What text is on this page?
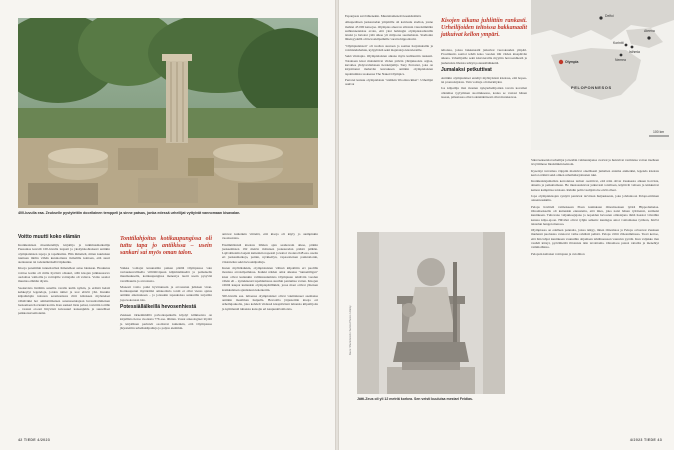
400-luvulla eaa. Zeukselle pystytettiin doorilainen temppeli ja sinne patsas, jonka edessä urheilijat vyttyivät vannomaan kisavalan.
Voitto muutti koko elämän

Kreikkalaisen maantieteilijä, kirjailija ja tutkimusmatkailija Pausanias kuvaili 100-luvulla laajasti ja yksityiskohtaisesti antiikin olympialaisten tapoja ja tapahtumia. Hän ihmetteli, miten kuuluisan tuuttuen mitlin vähän kunnioitusta Jumalille kohtaan, että suuri ateniaanan tai todennäköisellä läpikulku.

Kisoja paremmin tunnettaviksi ihmetelleet asiaa lainkaan. Houkutus voittaa kotiin oli mille hyvästä olisuuri, sillä kisojen julkisuusarvo oudoittaa valtioille ja voittajille voittajalle oli valtava. Voitto saattoi muuttaa elämän täysin.

Saokuvista lisältäin sanallta varalla kulm nytkin, ja eräistä heistä kehkeytyi legendoja, joiden nimet ja teot elävät yhä. Kunkin kilpailulajin tulosten seremoniasta riitti kiitoksen myönteiset vähtävikki hot ammattimaisen sanansaatutajaan luvaudrommeisen luokomaan ilovienkä koriin. Kun sankari lisäa palasi, tavuttiin toriille – vaatasi otooni liityvästi kuvasuuri kansanjuhla ja suurellisei paikkonsavemonniat.

Tonttilahjoitus kotikaupungissa oli tuttu tapa jo antiikissa – usein sankari sai myös oman talon.

Vaikka voittajat kruunattiin paikan päällä Olympiassa vain vertauskuvallisella villiöliivipuun kilpimielikseltä ja pamaleella muumauksella, kotikaupungissa menestys tuotti usein pysyvää varallisuutta ja arvostusta.

Monesti voitto poiki hyvärunsain ja arvostetun julkisen viran. Kotikaupunki myöntämä omakotitalo tontti ei ollut vieras ajatus antiikin aikoinakaan – ja joissakin tapauksissa sankarille tarjottiin jopa kokonaan talo.

Potessiällälkeillä hevosenhiestä

Zeuksen tärkeimmällä palvontapaikalla käydyt kilikisoista on kirjallista tietoa vuodesta 776 eaa. lähtien. Uusat arkeologiset löydöt ja kirjallinen perinnöt osoittavat kuitenkin, että Olympiassa järjestettiin urheilukilpailuja jo paljon aiemmin.

antavat kuitenkin viitteitä, että kisoja oli käyty jo aiempinkin vuosisatoina.

Ensimmäisistä kisoista lähtien ajan saatkavain aikaa, pitkiin juoksemisten 192 metrin mittaisen juoksuradan päästä päähän. Lajivalikoima laajeni kuitenkin nopeasti ja kattoi vuonna 648 eaa. useita eri juoksumatkoja, painin, nyrkkeilyn, vapaaotteisen pankrationin, viisiottelun sekä hevoskilpailuja.

Kuten myöhäisikkin, olympialaisten välissä kilpailtiin eri puolilla monissa arvokilpailuissa. Kaikki näiden omat aikansa "tunnettiligan" kisat olivat kuitenkin valmistautumista Olympiaan tehtäviin vuoden välein eli – nyttekisessä tapahtumassa suurhin pentumaa varten. Kisojen välillä kaupat kuitenkin olympiapäällikköt, jossa maat ottivat yhteisen kreikkalaisen ajanlaskun kalenteriin.

500-luvulle eaa. tultaessa olympialaiset olivat vakiintuneet asemansa antiikin maailman huipulla. Hevosilla järjestettiin kisoja eri urheilujoukolta, joka kohdeli viidessä kisapäivässä tuhansia kilpailijoita ja kymmeniä tuhansia katsojia eri kaupunkivaltioista.

42 TIEDE 4/2023

Espanjasta asti lähtenekin. Muutaitamenetti kaaskäsiäistä.

Alkuperäisen juoksuradan ympärille oli kaivuutu stadion, jonne mahtui 45 000 katsojaa. Olympias aluevon siltoisin viereisimmäin suihtunneteisisu avoin, että yksi helsingin olympiastadionilla istuisi ja huvaisi ytää alkaa yli miljoona suomalaista. Stadionin läheisyydellä oli hevoskilpailuille varattu hippodromi.

"Olympialaisten" oli tuollon suuraan ja saattua harjoituksille ja voimisteluhaluia, kylpylöistä sekä majataloja kisavieraille.

Sekä viisitapia. Olympialaisten aikana myös kulttuuriin rankasti. Toisinaan kisat muistuttivat viiden päivän yhtäjaksoista orgiaa, kuvailee yhdysvaltalaisen tietokirjailija Tony Perrottet, joka on kirjoittanut mehevän kuvauksen antiikin olympialaisten tapahtumista teoksessa The Naked Olympics.

Perrotet kutsuu olympialaisia "antiikin Woodstockiksi". Urheilijat asuivat

Kisojen aikana juhlittiin rankasti. Urheilijoiden teltoissa bakkanaalit jatkuivat kellon ympäri.

teltoissa, joissa bakkanaalit jatkuivat vuorokauden ympäri. Prostituutio saattoi tehdä koko vuoden tilit viiden kisapäivän aikana. Urheilijoille sekä kisavieraille myytiin hevosenhiestä ja jauhetuista lihoista tehtyä potenssilääkkeitä.

Jumalaksi petkuttivat

Antiikin olympialaiset ennätyt myöhyisissä kisoissa, että hopea- tai pronssisijoista. Vain voittaja oli merkityksi.

Jos kilpailija ilssi monien nykyurheilijoiden tavoin kovemat ollenmaa tyytymisen suorituksessa, koska se vastasi hänen tasaan, pääasiassa ollut todennäköisesti ollut murskaavaa.

Delfoi
Ateena
Korintti
Isthmia
Olympia	Nemea
PELOPONNESOS
100 km
Kuva: Shutterstock / Aurora Photos / Alamy
Jätti-Zeus oli yli 12 metriä korkea. Sen veisti kuuluisa mestari Feidias.

Siksi keksetalat urheilijat ja heidän valmentajansa ovatvat ja huiuvivat varmistaa voiton itselleen tavyttämeaa likaisiinkin keinoin.

Kyseinyt turvamaa viippiin madalvat oleellisesti jumalten antama enmerkki, legenda kisoista kertoi eräästä sekä omien urheiluharjoitusten tuki.

Kreikkalaisjumalista kerrotuissa tarinat osoittivat, että näin olivat Zeuksesta alkaen horvista, ahneita ja petkuttamaan. He mustasuistavat jatkuvasti toisiltaan, käyttivät valtaan ja kirkkuivat keinon kampittaa toisiaan. Rehdin pelin vaalijoita he eivät olleet.

Jopa olympiakisojen syntytä pentuvat tarvitaan huijauksesta, joka johdantoon Pelops-nimisen onnennoukkiin.

Pelops havitteli vaimokseen Pisan kuninkaan Oinomaoksen tytärä Hippodameiaa. Oinomaoksella oli kuitenkin ennustettu, että mies, joka naisi hänen tyttärensä, surmaisi kuninkaan. Tuhovana valjakkoajajana ja nopeiden hevosten omistajana tämä haastoi viiveihin kanssa kilpa-ajoon. Häviönt olivat tyhjin selkein: kuningas antoi voittamansa tyttären, hävivi taistelun hengen menosa.

Olympiassa on edelleen pannaita, joissa näkyy, miten Oinomaos ja Pelops ovissavat Zeuksen mielensä puolustaa vannovat vaihe rehdistä pelistä. Pelops väliti viileanmmassa. Tuoti kertoo, että hän lahjoi kuninkaan vaunuihin ohjamaan tahdituessaan vaunuvn pyörät. Kun valjakko ilen vauhdi kärsyi, pyörähtelää ilttoisista niin tavoittama. Oinomaos putosi rattailta ja menehtyi vammoihinsa.

Pelopsin kaltaiset voittajaan ja avioliiton

4/2023 TIEDE 43
